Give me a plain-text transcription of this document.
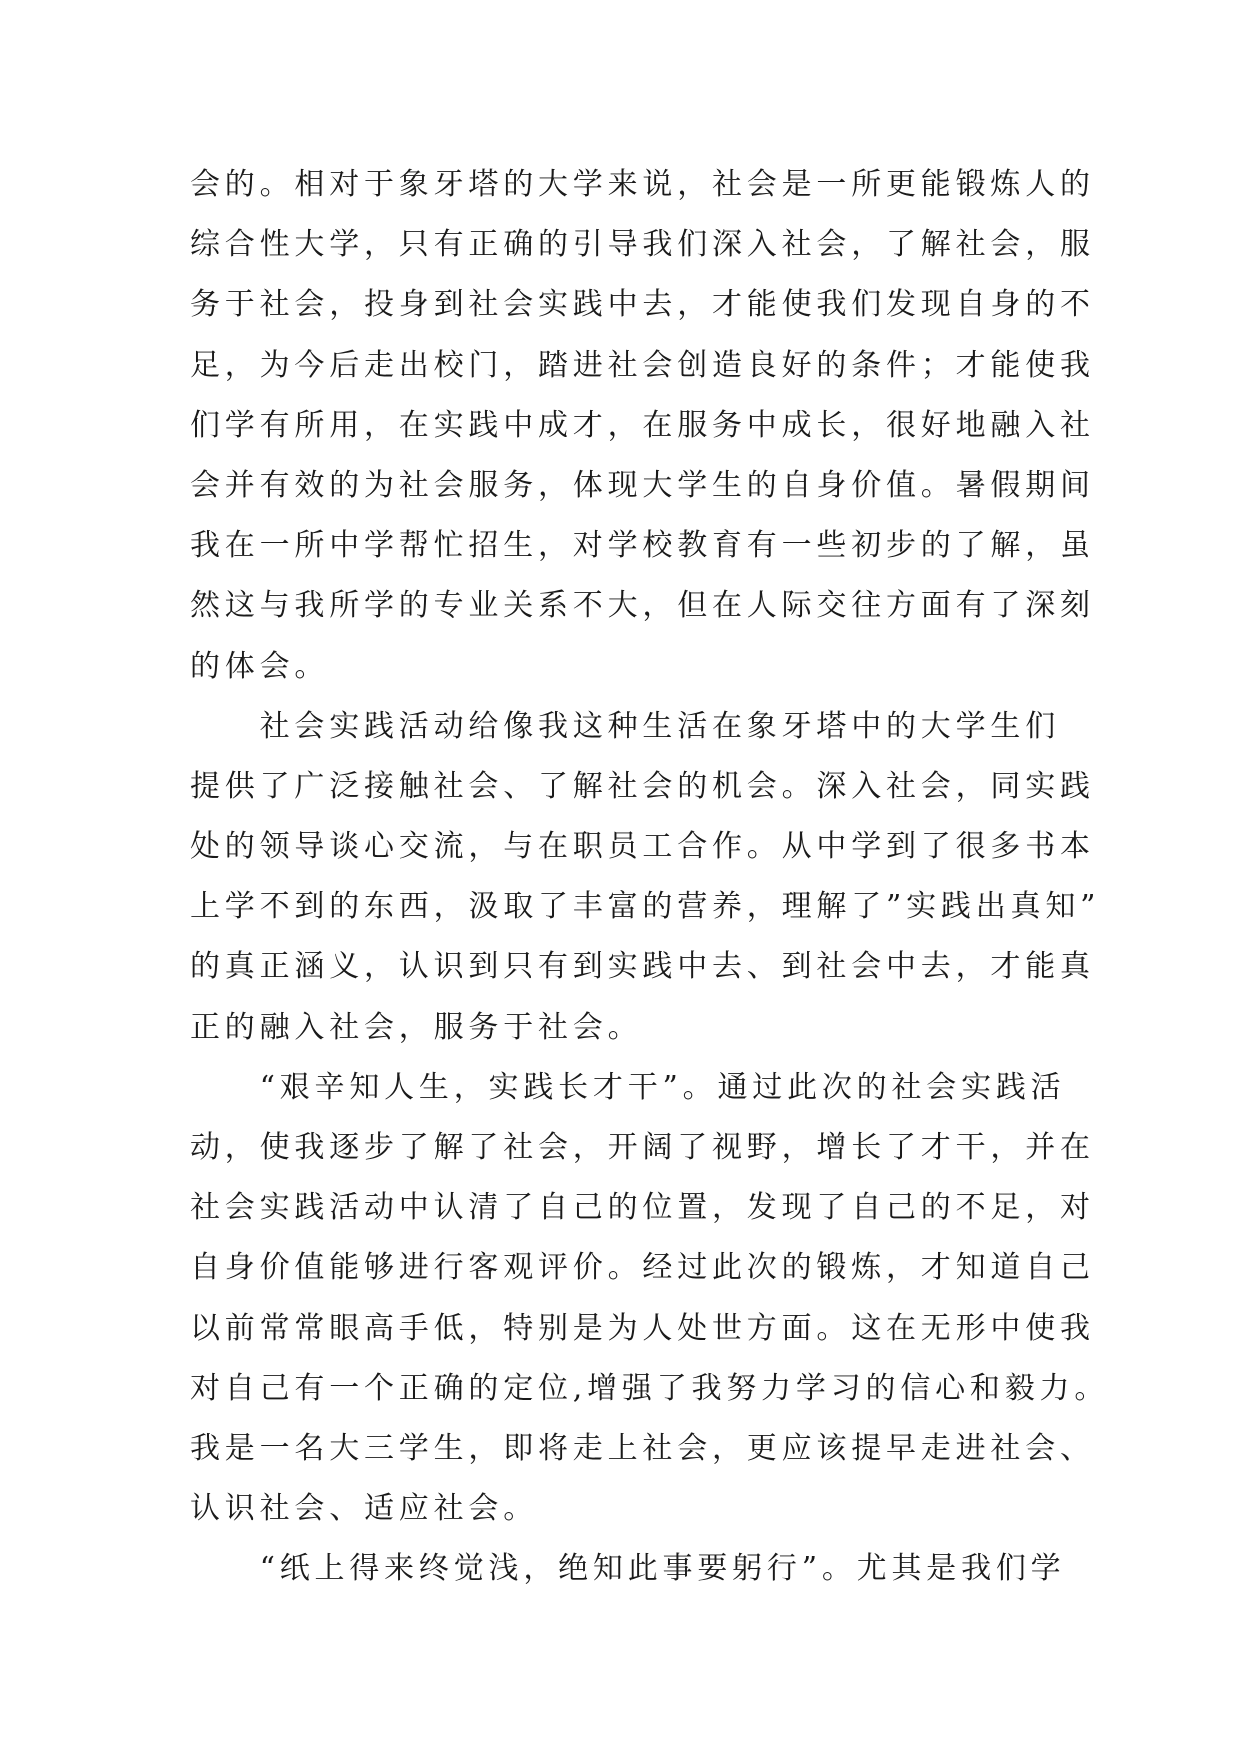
会的。相对于象牙塔的大学来说，社会是一所更能锻炼人的
综合性大学，只有正确的引导我们深入社会，了解社会，服
务于社会，投身到社会实践中去，才能使我们发现自身的不
足，为今后走出校门，踏进社会创造良好的条件；才能使我
们学有所用，在实践中成才，在服务中成长，很好地融入社
会并有效的为社会服务，体现大学生的自身价值。暑假期间
我在一所中学帮忙招生，对学校教育有一些初步的了解，虽
然这与我所学的专业关系不大，但在人际交往方面有了深刻
的体会。
　　社会实践活动给像我这种生活在象牙塔中的大学生们
提供了广泛接触社会、了解社会的机会。深入社会，同实践
处的领导谈心交流，与在职员工合作。从中学到了很多书本
上学不到的东西，汲取了丰富的营养，理解了”实践出真知”
的真正涵义，认识到只有到实践中去、到社会中去，才能真
正的融入社会，服务于社会。
　　“艰辛知人生，实践长才干”。通过此次的社会实践活
动，使我逐步了解了社会，开阔了视野，增长了才干，并在
社会实践活动中认清了自己的位置，发现了自己的不足，对
自身价值能够进行客观评价。经过此次的锻炼，才知道自己
以前常常眼高手低，特别是为人处世方面。这在无形中使我
对自己有一个正确的定位,增强了我努力学习的信心和毅力。
我是一名大三学生，即将走上社会，更应该提早走进社会、
认识社会、适应社会。
　　“纸上得来终觉浅，绝知此事要躬行”。尤其是我们学
